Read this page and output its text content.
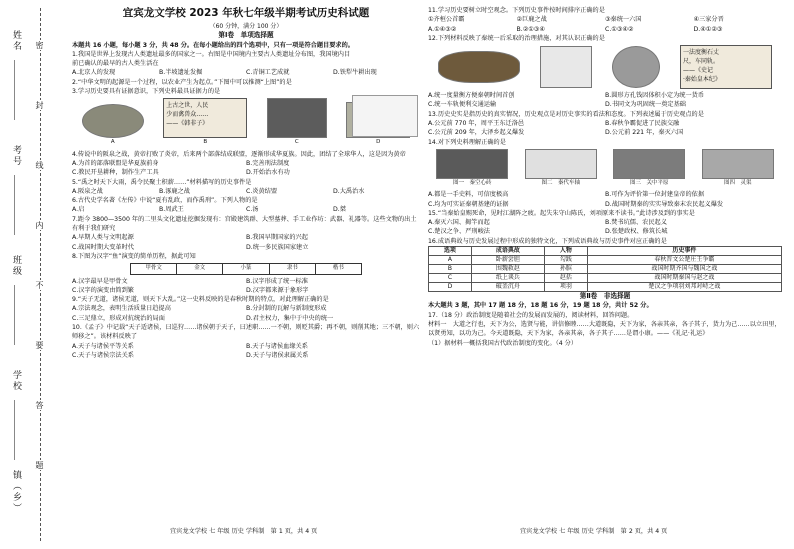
姓名
考号
班级
学校
镇（乡）
密
封
线
内
不
要
答
题
宜宾龙文学校 2023 年秋七年级半期考试历史科试题
（60 分钟，满分 100 分）
第Ⅰ卷　单项选择题

本题共 16 小题，每小题 3 分，共 48 分。在每小题给出的四个选项中，只有一项是符合题目要求的。

1.我国是世界上发现古人类遗址最多的国家之一。右图是中国境内主要古人类遗址分布图，我国境内目前已确认的最早的古人类生活在

A.北京人的发现	B.半坡遗址发掘	C.青铜工艺成就	D.铁犁牛耕出现

2.“中华文明的起源是一个过程，以农业产生为起点。”下图中可以推测“上图”的是

3.学习历史要具有证据意识，下列史料最具证据力的是

A
上古之世，人民
少而禽兽众……
——《韩非子》
B	C	D

4.传说中的阪泉之战，黄帝打败了炎帝，后来两个部落结成联盟，逐渐形成华夏族。因此，团结了全球华人，这是因为黄帝

A.为首的部落联盟是华夏族前身	B.完善刑法制度
C.教民开垦耕种，制作生产工具	D.开始治水有功

5.“禹之时天下大雨，禹令民聚土积薪……”材料描写的历史事件是

A.阪泉之战	B.涿鹿之战	C.炎黄结盟	D.大禹治水

6.古代史学名著《左传》中说“夏有乱政，而作禹刑”。下列人物的是

A.启	B.周武王	C.汤	D.桀

7.距今 3800—3500 年的二里头文化遗址挖掘发现有：宫殿建筑群、大型墓葬、手工业作坊：武器、礼器等。这些文物的出土有利于我们研究

A.早期人类与文明起源	B.我国早期国家的兴起
C.战国时期大变革时代	D.统一多民族国家建立

8.下图为汉字“鱼”演变的简单历程，据此可知

甲骨文	金文	小篆	隶书	楷书
A.汉字最早是甲骨文	B.汉字形成了统一标准
C.汉字的演变由简到繁	D.汉字都来源于象形字

9.“天子无道，诸侯无道，则天下大乱。”这一史料反映的是春秋时期的特点，对此理解正确的是

A.宗法观念，表明生活质量日趋提高	B.分封制的瓦解与新制度形成
C.三足鼎立，形成对抗统治的局面	D.君主权力，集中于中央的统一

10.《孟子》中记载“天子适诸侯，曰巡狩……诸侯朝于天子，曰述职……一不朝，则贬其爵；再不朝，则削其地；三不朝，则六师移之”。该材料反映了

A.天子与诸侯平等关系	B.天子与诸侯血缘关系
C.天子与诸侯宗法关系	D.天子与诸侯隶属关系
宜宾龙文学校 七 年级 历史 学科制　第 1 页，共 4 页

11.学习历史要树立时空观念。下列历史事件按时间排序正确的是

①齐桓公首霸	②巨鹿之战	③秦统一六国	④三家分晋
A.①④③②	B.②①③④	C.①③④②	D.④①②③

12.下列材料反映了秦统一后采取的治理措施，对其认识正确的是

一法度衡石丈
尺，车同轨。
——《史记
·秦始皇本纪》
A.统一度量衡方便秦朝时间首创	B.圆形方孔钱因体积小定为统一货币
C.统一车轨便利交通运输	D.书同文为巩固统一奠定基础

13.历史史实是指历史的真实情况，历史观点是对历史事实的看法和态度。下列表述属于历史观点的是

A.公元前 770 年，周平王东迁洛邑	B.春秋争霸促进了民族交融
C.公元前 209 年，大泽乡起义爆发	D.公元前 221 年，秦灭六国

14.对下列史料理解正确的是

图一　秦空心砖	图二　秦代车轴	图三　关中平原	图四　灵渠
A.都是一手史料，可信度极高	B.可作为评价第一位封建皇帝的依据
C.均为可实证秦朝基建的证据	D.战国时期秦的实实导致秦末农民起义爆发

15.“当秦始皇赐死命，见时江湖阵之疲。起失朱守山陈氏，刘項原来不读书。”此诗涉及到的事实是

A.秦灭六国、揭竿而起	B.焚书坑儒、农民起义
C.楚汉之争、严刑峻法	D.张楚政权、修筑长城

16.成语典故与历史发展过程中形成的独特文化，下列成语典故与历史事件对应正确的是

选项	成语典故	人物	历史事件
A	卧薪尝胆	勾践	春秋晋文公楚庄王争霸
B	围魏救赵	孙膑	战国时期齐国与魏国之战
C	纸上谈兵	赵括	战国时期秦国与赵之战
D	破釜沉舟	项羽	楚汉之争项羽刘邦对峙之战
第Ⅱ卷　非选择题

本大题共 3 题，其中 17 题 18 分，18 题 16 分，19 题 18 分，共计 52 分。

17.（18 分）政治制度是随着社会的发展而发展的，阅读材料，回答问题。

材料一　大道之行也，天下为公，选贤与能，讲信修睦……大道既隐，天下为家，各亲其亲，各子其子，货力为己……以立田里，以贤勇知，以功为己。今天道既隐，天下为家，各亲其亲，各子其子……是谓小康。——《礼记·礼运》

（1）据材料一概括我国古代政治制度的变化。（4 分）

宜宾龙文学校 七 年级 历史 学科制　第 2 页，共 4 页
